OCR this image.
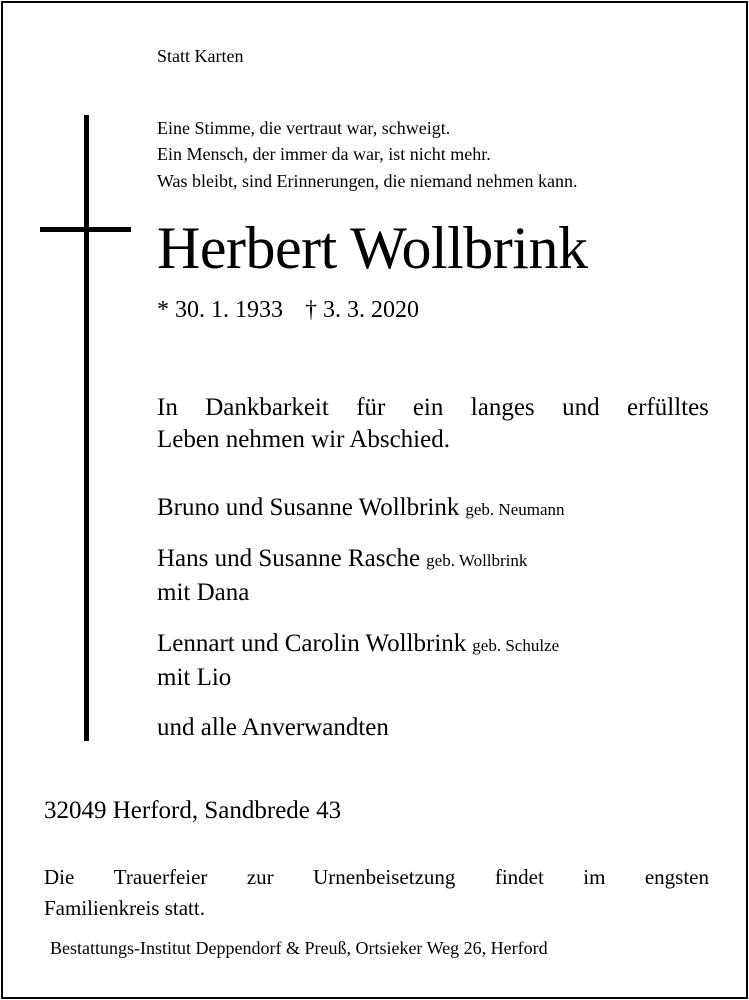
Statt Karten
Eine Stimme, die vertraut war, schweigt.
Ein Mensch, der immer da war, ist nicht mehr.
Was bleibt, sind Erinnerungen, die niemand nehmen kann.
Herbert Wollbrink
* 30. 1. 1933 † 3. 3. 2020
In Dankbarkeit für ein langes und erfülltes
Leben nehmen wir Abschied.
Bruno und Susanne Wollbrink geb. Neumann
Hans und Susanne Rasche geb. Wollbrink
mit Dana
Lennart und Carolin Wollbrink geb. Schulze
mit Lio
und alle Anverwandten
32049 Herford, Sandbrede 43
Die Trauerfeier zur Urnenbeisetzung findet im engsten
Familienkreis statt.
Bestattungs-Institut Deppendorf & Preuß, Ortsieker Weg 26, Herford
